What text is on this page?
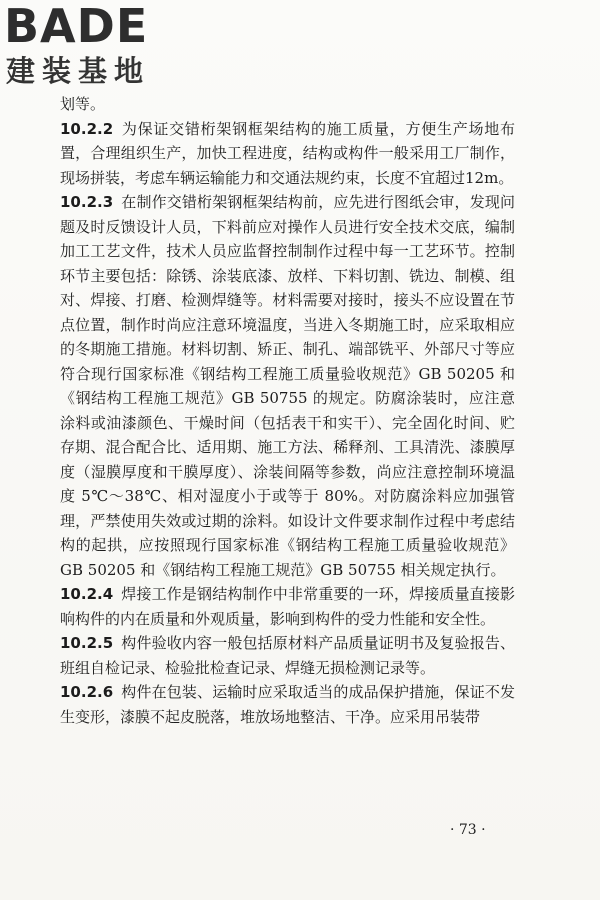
BADE
建装基地

划等。

10.2.2 为保证交错桁架钢框架结构的施工质量，方便生产场地布置，合理组织生产，加快工程进度，结构或构件一般采用工厂制作，现场拼装，考虑车辆运输能力和交通法规约束，长度不宜超过12m。

10.2.3 在制作交错桁架钢框架结构前，应先进行图纸会审，发现问题及时反馈设计人员，下料前应对操作人员进行安全技术交底，编制加工工艺文件，技术人员应监督控制制作过程中每一工艺环节。控制环节主要包括：除锈、涂装底漆、放样、下料切割、铣边、制模、组对、焊接、打磨、检测焊缝等。材料需要对接时，接头不应设置在节点位置，制作时尚应注意环境温度，当进入冬期施工时，应采取相应的冬期施工措施。材料切割、矫正、制孔、端部铣平、外部尺寸等应符合现行国家标准《钢结构工程施工质量验收规范》GB 50205 和《钢结构工程施工规范》GB 50755 的规定。防腐涂装时，应注意涂料或油漆颜色、干燥时间（包括表干和实干）、完全固化时间、贮存期、混合配合比、适用期、施工方法、稀释剂、工具清洗、漆膜厚度（湿膜厚度和干膜厚度）、涂装间隔等参数，尚应注意控制环境温度 5℃～38℃、相对湿度小于或等于 80%。对防腐涂料应加强管理，严禁使用失效或过期的涂料。如设计文件要求制作过程中考虑结构的起拱，应按照现行国家标准《钢结构工程施工质量验收规范》GB 50205 和《钢结构工程施工规范》GB 50755 相关规定执行。

10.2.4 焊接工作是钢结构制作中非常重要的一环，焊接质量直接影响构件的内在质量和外观质量，影响到构件的受力性能和安全性。

10.2.5 构件验收内容一般包括原材料产品质量证明书及复验报告、班组自检记录、检验批检查记录、焊缝无损检测记录等。

10.2.6 构件在包装、运输时应采取适当的成品保护措施，保证不发生变形，漆膜不起皮脱落，堆放场地整洁、干净。应采用吊装带

· 73 ·
